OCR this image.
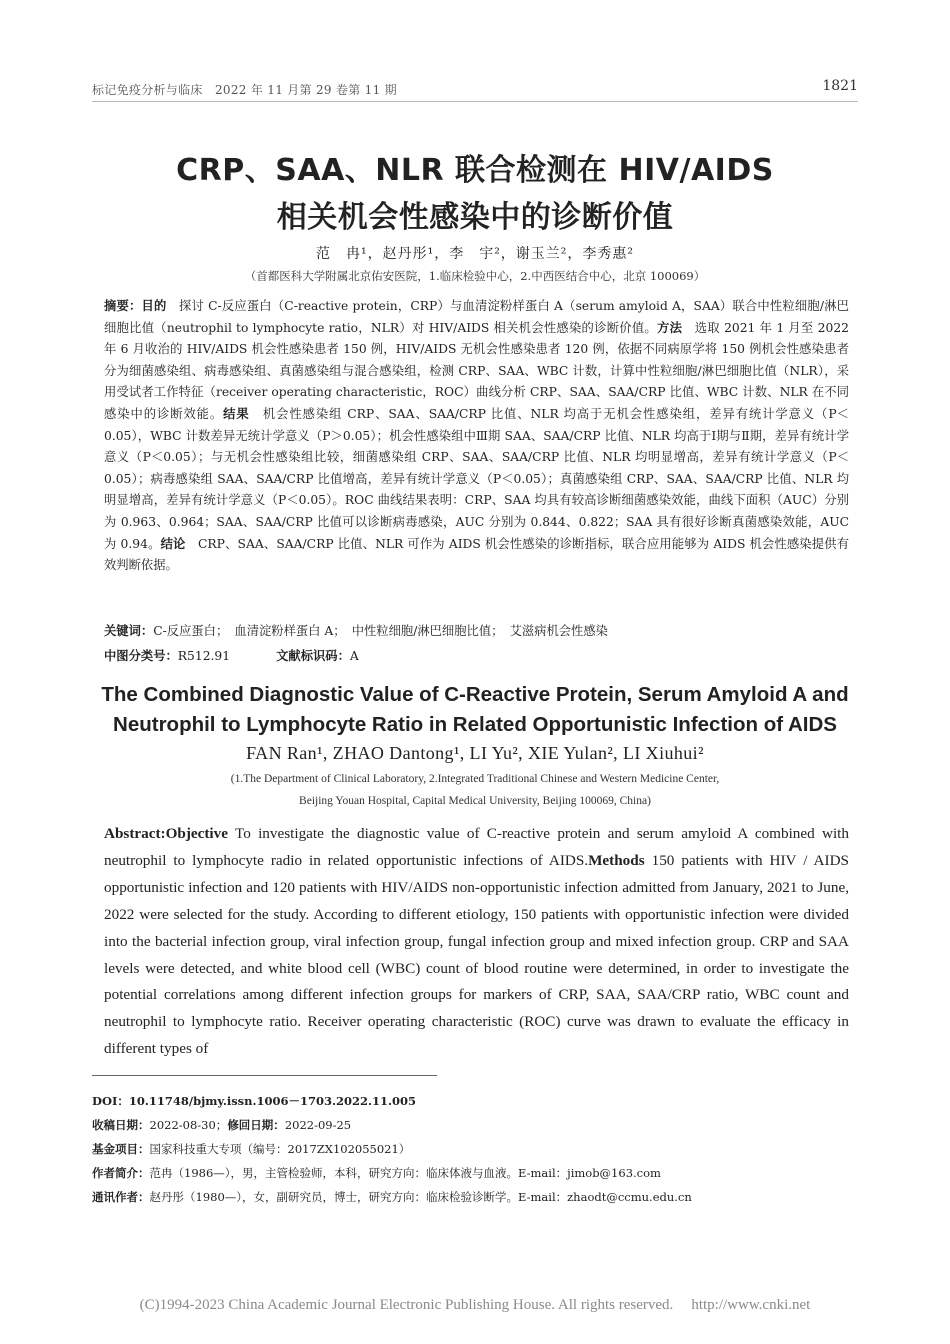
标记免疫分析与临床　2022 年 11 月第 29 卷第 11 期	1821
CRP、SAA、NLR 联合检测在 HIV/AIDS
相关机会性感染中的诊断价值
范　冉¹，赵丹彤¹，李　宇²，谢玉兰²，李秀惠²
（首都医科大学附属北京佑安医院，1.临床检验中心，2.中西医结合中心，北京 100069）
摘要：目的　探讨 C-反应蛋白（C-reactive protein，CRP）与血清淀粉样蛋白 A（serum amyloid A，SAA）联合中性粒细胞/淋巴细胞比值（neutrophil to lymphocyte ratio，NLR）对 HIV/AIDS 相关机会性感染的诊断价值。方法　选取 2021 年 1 月至 2022 年 6 月收治的 HIV/AIDS 机会性感染患者 150 例，HIV/AIDS 无机会性感染患者 120 例，依据不同病原学将 150 例机会性感染患者分为细菌感染组、病毒感染组、真菌感染组与混合感染组，检测 CRP、SAA、WBC 计数，计算中性粒细胞/淋巴细胞比值（NLR），采用受试者工作特征（receiver operating characteristic，ROC）曲线分析 CRP、SAA、SAA/CRP 比值、WBC 计数、NLR 在不同感染中的诊断效能。结果　机会性感染组 CRP、SAA、SAA/CRP 比值、NLR 均高于无机会性感染组，差异有统计学意义（P＜0.05），WBC 计数差异无统计学意义（P＞0.05）；机会性感染组中Ⅲ期 SAA、SAA/CRP 比值、NLR 均高于Ⅰ期与Ⅱ期，差异有统计学意义（P＜0.05）；与无机会性感染组比较，细菌感染组 CRP、SAA、SAA/CRP 比值、NLR 均明显增高，差异有统计学意义（P＜0.05）；病毒感染组 SAA、SAA/CRP 比值增高，差异有统计学意义（P＜0.05）；真菌感染组 CRP、SAA、SAA/CRP 比值、NLR 均明显增高，差异有统计学意义（P＜0.05）。ROC 曲线结果表明：CRP、SAA 均具有较高诊断细菌感染效能，曲线下面积（AUC）分别为 0.963、0.964；SAA、SAA/CRP 比值可以诊断病毒感染，AUC 分别为 0.844、0.822；SAA 具有很好诊断真菌感染效能，AUC 为 0.94。结论　CRP、SAA、SAA/CRP 比值、NLR 可作为 AIDS 机会性感染的诊断指标，联合应用能够为 AIDS 机会性感染提供有效判断依据。
关键词：C-反应蛋白；　血清淀粉样蛋白 A；　中性粒细胞/淋巴细胞比值；　艾滋病机会性感染
中图分类号：R512.91	文献标识码：A
The Combined Diagnostic Value of C-Reactive Protein, Serum Amyloid A and
Neutrophil to Lymphocyte Ratio in Related Opportunistic Infection of AIDS
FAN Ran¹, ZHAO Dantong¹, LI Yu², XIE Yulan², LI Xiuhui²
(1.The Department of Clinical Laboratory, 2.Integrated Traditional Chinese and Western Medicine Center,
Beijing Youan Hospital, Capital Medical University, Beijing 100069, China)
Abstract:Objective To investigate the diagnostic value of C-reactive protein and serum amyloid A combined with neutrophil to lymphocyte radio in related opportunistic infections of AIDS.Methods 150 patients with HIV / AIDS opportunistic infection and 120 patients with HIV/AIDS non-opportunistic infection admitted from January, 2021 to June, 2022 were selected for the study. According to different etiology, 150 patients with opportunistic infection were divided into the bacterial infection group, viral infection group, fungal infection group and mixed infection group. CRP and SAA levels were detected, and white blood cell (WBC) count of blood routine were determined, in order to investigate the potential correlations among different infection groups for markers of CRP, SAA, SAA/CRP ratio, WBC count and neutrophil to lymphocyte ratio. Receiver operating characteristic (ROC) curve was drawn to evaluate the efficacy in different types of
DOI：10.11748/bjmy.issn.1006－1703.2022.11.005
收稿日期：2022-08-30；修回日期：2022-09-25
基金项目：国家科技重大专项（编号：2017ZX102055021）
作者简介：范冉（1986—），男，主管检验师，本科，研究方向：临床体液与血液。E-mail：jimob@163.com
通讯作者：赵丹彤（1980—），女，副研究员，博士，研究方向：临床检验诊断学。E-mail：zhaodt@ccmu.edu.cn
(C)1994-2023 China Academic Journal Electronic Publishing House. All rights reserved. http://www.cnki.net
